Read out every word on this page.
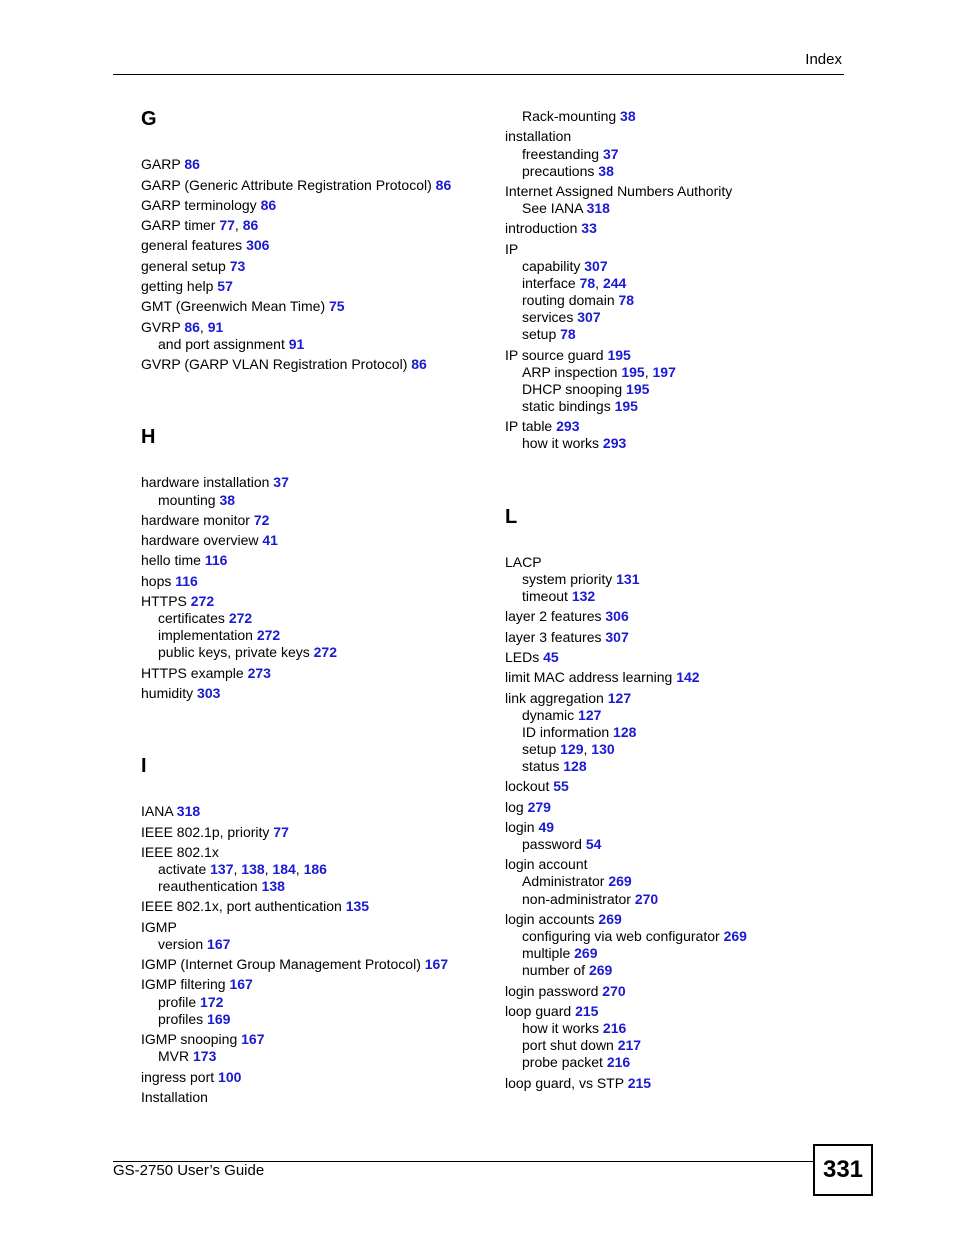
Index
G
GARP 86
GARP (Generic Attribute Registration Protocol) 86
GARP terminology 86
GARP timer 77, 86
general features 306
general setup 73
getting help 57
GMT (Greenwich Mean Time) 75
GVRP 86, 91
and port assignment 91
GVRP (GARP VLAN Registration Protocol) 86
H
hardware installation 37
mounting 38
hardware monitor 72
hardware overview 41
hello time 116
hops 116
HTTPS 272
certificates 272
implementation 272
public keys, private keys 272
HTTPS example 273
humidity 303
I
IANA 318
IEEE 802.1p, priority 77
IEEE 802.1x
activate 137, 138, 184, 186
reauthentication 138
IEEE 802.1x, port authentication 135
IGMP
version 167
IGMP (Internet Group Management Protocol) 167
IGMP filtering 167
profile 172
profiles 169
IGMP snooping 167
MVR 173
ingress port 100
Installation
Rack-mounting 38
installation
freestanding 37
precautions 38
Internet Assigned Numbers Authority
See IANA 318
introduction 33
IP
capability 307
interface 78, 244
routing domain 78
services 307
setup 78
IP source guard 195
ARP inspection 195, 197
DHCP snooping 195
static bindings 195
IP table 293
how it works 293
L
LACP
system priority 131
timeout 132
layer 2 features 306
layer 3 features 307
LEDs 45
limit MAC address learning 142
link aggregation 127
dynamic 127
ID information 128
setup 129, 130
status 128
lockout 55
log 279
login 49
password 54
login account
Administrator 269
non-administrator 270
login accounts 269
configuring via web configurator 269
multiple 269
number of 269
login password 270
loop guard 215
how it works 216
port shut down 217
probe packet 216
loop guard, vs STP 215
GS-2750 User’s Guide	331
